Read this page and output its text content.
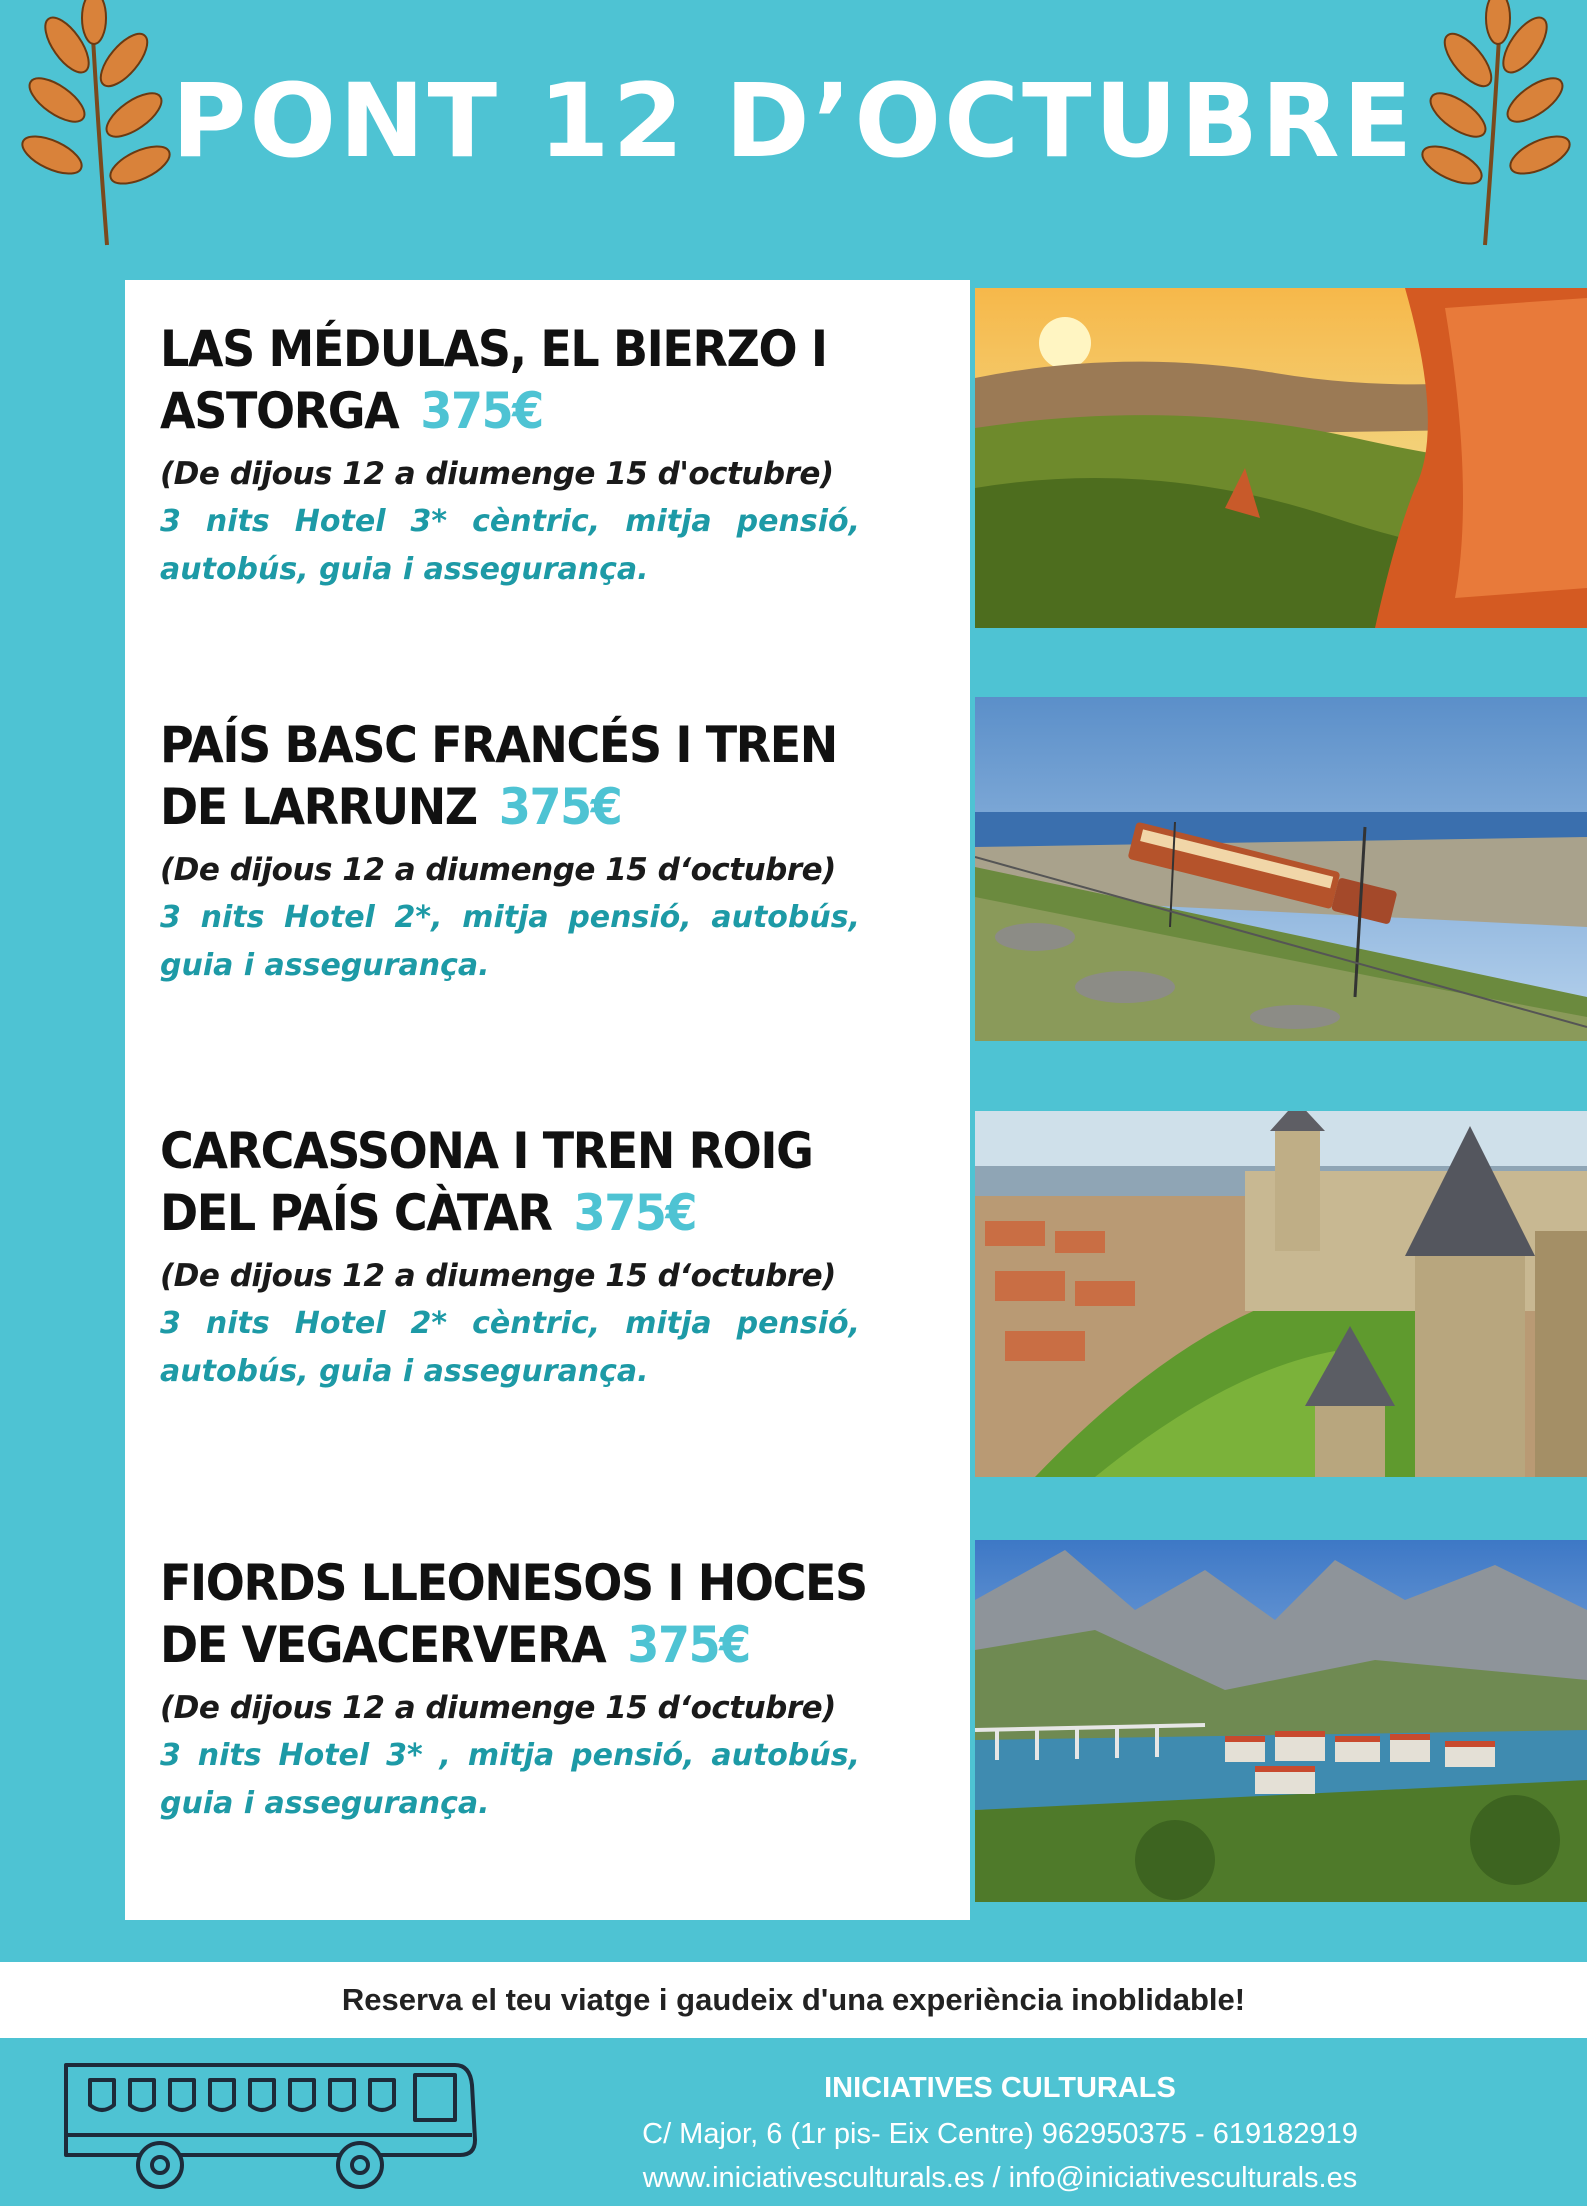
PONT 12 D’OCTUBRE
LAS MÉDULAS, EL BIERZO I
ASTORGA 375€
(De dijous 12 a diumenge 15 d'octubre)
3 nits Hotel 3* cèntric, mitja pensió, autobús, guia i assegurança.
PAÍS BASC FRANCÉS I TREN
DE LARRUNZ 375€
(De dijous 12 a diumenge 15 d‘octubre)
3 nits Hotel 2*, mitja pensió, autobús, guia i assegurança.
CARCASSONA I TREN ROIG
DEL PAÍS CÀTAR 375€
(De dijous 12 a diumenge 15 d‘octubre)
3 nits Hotel 2* cèntric, mitja pensió, autobús, guia i assegurança.
FIORDS LLEONESOS I HOCES
DE VEGACERVERA 375€
(De dijous 12 a diumenge 15 d‘octubre)
3 nits Hotel 3* , mitja pensió, autobús, guia i assegurança.
Reserva el teu viatge i gaudeix d'una experiència inoblidable!
INICIATIVES CULTURALS
C/ Major, 6 (1r pis- Eix Centre) 962950375 - 619182919
www.iniciativesculturals.es / info@iniciativesculturals.es
